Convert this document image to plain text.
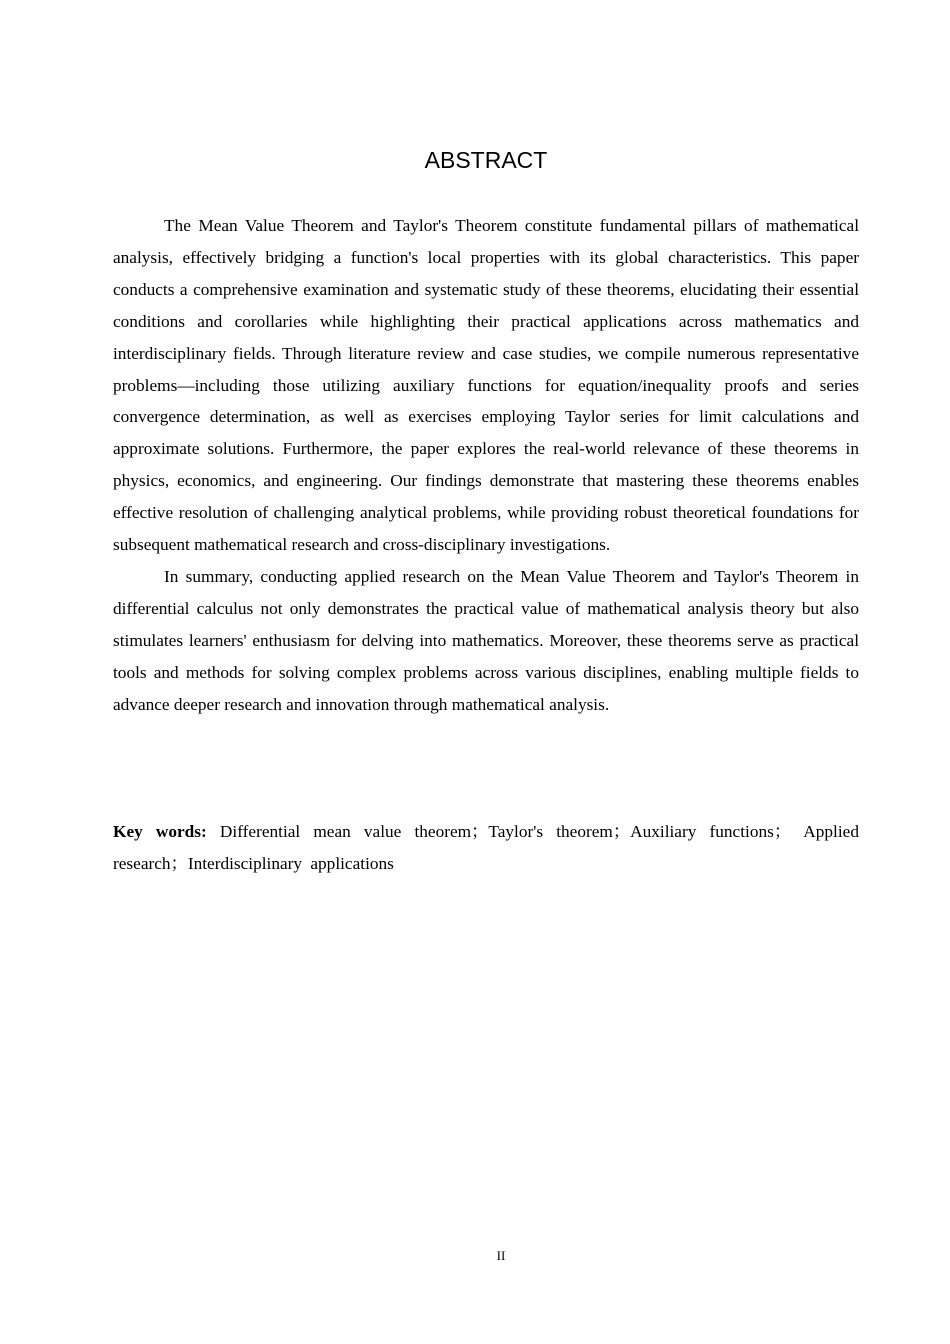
ABSTRACT

The Mean Value Theorem and Taylor's Theorem constitute fundamental pillars of mathematical analysis, effectively bridging a function's local properties with its global characteristics. This paper conducts a comprehensive examination and systematic study of these theorems, elucidating their essential conditions and corollaries while highlighting their practical applications across mathematics and interdisciplinary fields. Through literature review and case studies, we compile numerous representative problems—including those utilizing auxiliary functions for equation/inequality proofs and series convergence determination, as well as exercises employing Taylor series for limit calculations and approximate solutions. Furthermore, the paper explores the real-world relevance of these theorems in physics, economics, and engineering. Our findings demonstrate that mastering these theorems enables effective resolution of challenging analytical problems, while providing robust theoretical foundations for subsequent mathematical research and cross-disciplinary investigations.

In summary, conducting applied research on the Mean Value Theorem and Taylor's Theorem in differential calculus not only demonstrates the practical value of mathematical analysis theory but also stimulates learners' enthusiasm for delving into mathematics. Moreover, these theorems serve as practical tools and methods for solving complex problems across various disciplines, enabling multiple fields to advance deeper research and innovation through mathematical analysis.

Key words: Differential mean value theorem；Taylor's theorem；Auxiliary functions； Applied research；Interdisciplinary applications

II
